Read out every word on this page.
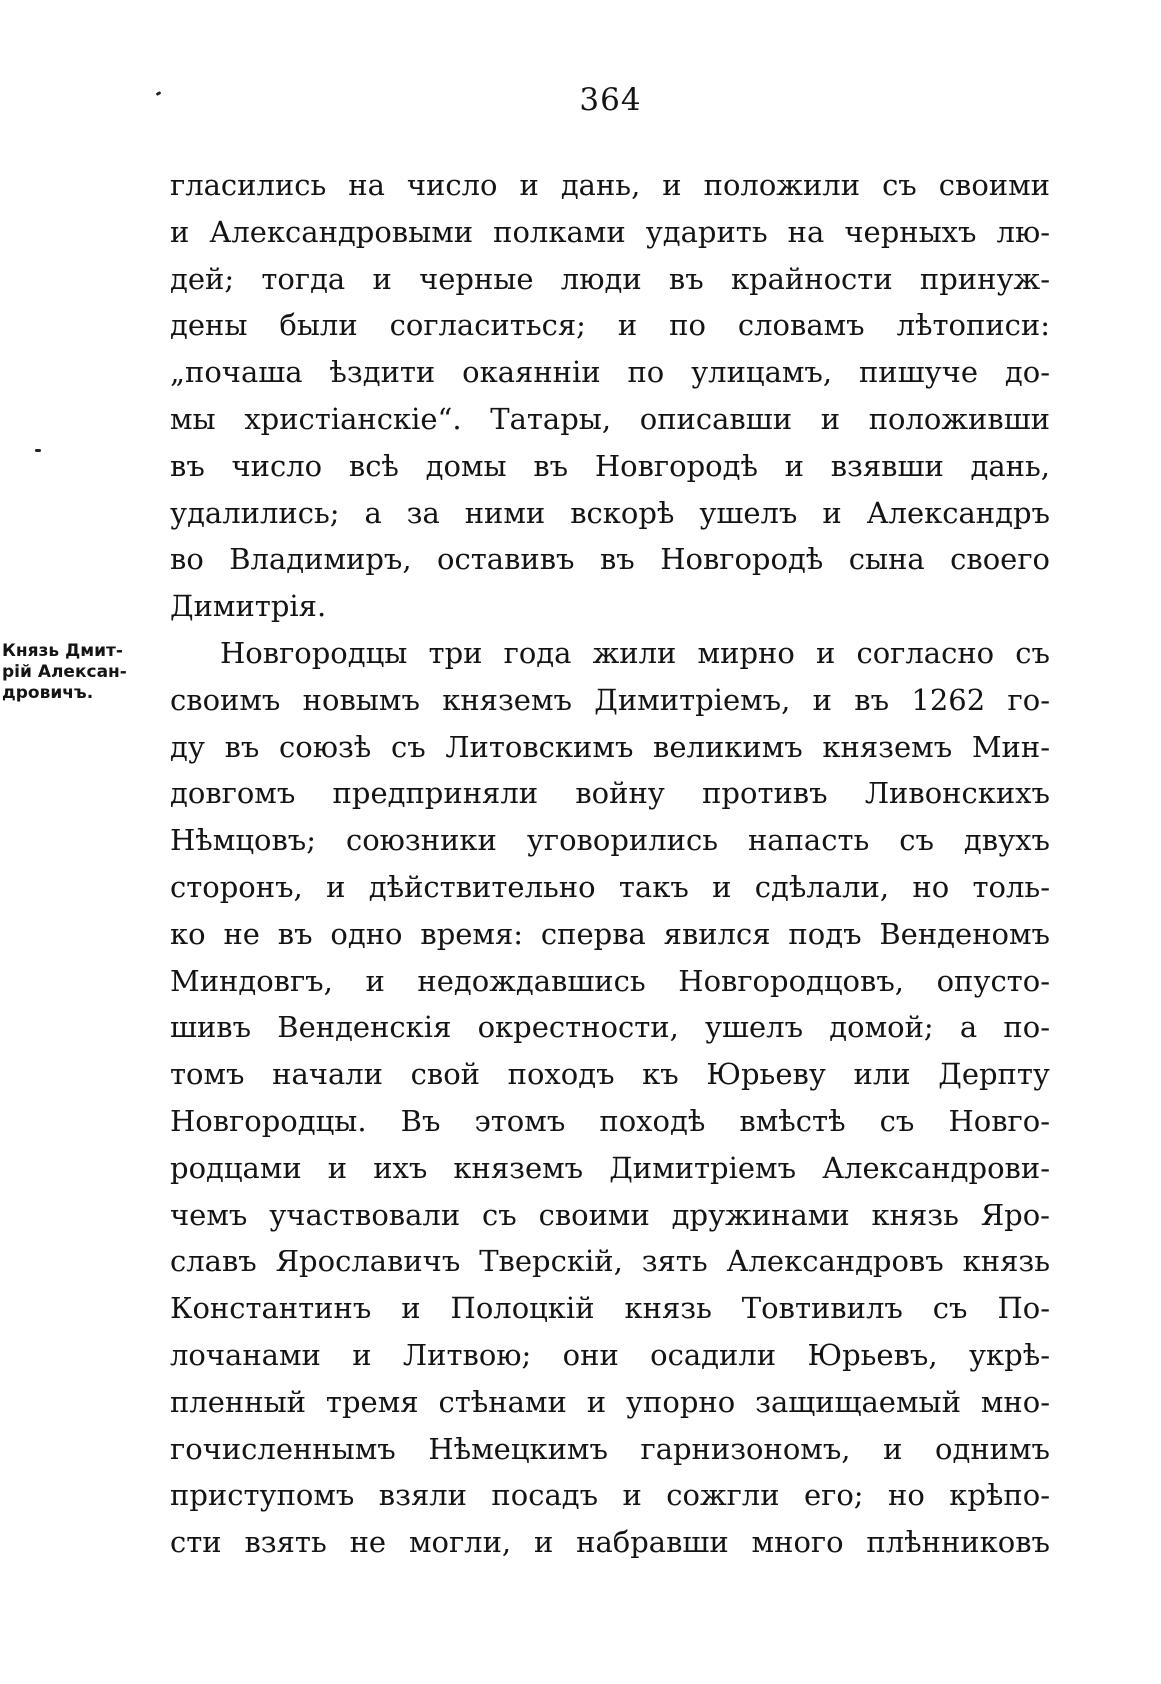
364
Князь Дмит-
рій Алексан-
дровичъ.
гласились на число и дань, и положили съ своими
и Александровыми полками ударить на черныхъ лю-
дей; тогда и черные люди въ крайности принуж-
дены были согласиться; и по словамъ лѣтописи:
„почаша ѣздити окаяннiи по улицамъ, пишуче до-
мы христiанскiе“. Татары, описавши и положивши
въ число всѣ домы въ Новгородѣ и взявши дань,
удалились; а за ними вскорѣ ушелъ и Александръ
во Владимиръ, оставивъ въ Новгородѣ сына своего
Димитрiя.
Новгородцы три года жили мирно и согласно съ
своимъ новымъ княземъ Димитрiемъ, и въ 1262 го-
ду въ союзѣ съ Литовскимъ великимъ княземъ Мин-
довгомъ предприняли войну противъ Ливонскихъ
Нѣмцовъ; союзники уговорились напасть съ двухъ
сторонъ, и дѣйствительно такъ и сдѣлали, но толь-
ко не въ одно время: сперва явился подъ Венденомъ
Миндовгъ, и недождавшись Новгородцовъ, опусто-
шивъ Венденскiя окрестности, ушелъ домой; а по-
томъ начали свой походъ къ Юрьеву или Дерпту
Новгородцы. Въ этомъ походѣ вмѣстѣ съ Новго-
родцами и ихъ княземъ Димитрiемъ Александрови-
чемъ участвовали съ своими дружинами князь Яро-
славъ Ярославичъ Тверскiй, зять Александровъ князь
Константинъ и Полоцкiй князь Товтивилъ съ По-
лочанами и Литвою; они осадили Юрьевъ, укрѣ-
пленный тремя стѣнами и упорно защищаемый мно-
гочисленнымъ Нѣмецкимъ гарнизономъ, и однимъ
приступомъ взяли посадъ и сожгли его; но крѣпо-
сти взять не могли, и набравши много плѣнниковъ
